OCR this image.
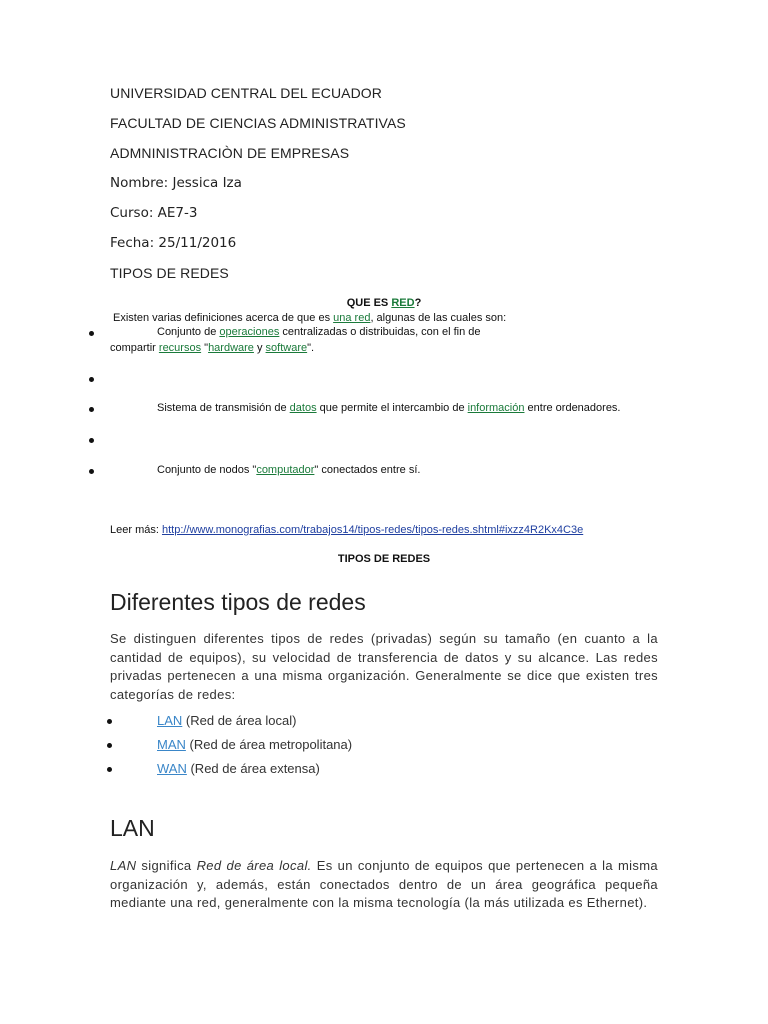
UNIVERSIDAD CENTRAL DEL ECUADOR
FACULTAD DE CIENCIAS ADMINISTRATIVAS
ADMNINISTRACIÒN DE EMPRESAS
Nombre: Jessica Iza
Curso: AE7-3
Fecha: 25/11/2016
TIPOS DE REDES
QUE ES RED?
Existen varias definiciones acerca de que es una red, algunas de las cuales son:
Conjunto de operaciones centralizadas o distribuidas, con el fin de
compartir recursos "hardware y software".
Sistema de transmisión de datos que permite el intercambio de información entre ordenadores.
Conjunto de nodos "computador" conectados entre sí.
Leer más: http://www.monografias.com/trabajos14/tipos-redes/tipos-redes.shtml#ixzz4R2Kx4C3e
TIPOS DE REDES
Diferentes tipos de redes
Se distinguen diferentes tipos de redes (privadas) según su tamaño (en cuanto a la cantidad de equipos), su velocidad de transferencia de datos y su alcance. Las redes privadas pertenecen a una misma organización. Generalmente se dice que existen tres categorías de redes:
LAN (Red de área local)
MAN (Red de área metropolitana)
WAN (Red de área extensa)
LAN
LAN significa Red de área local. Es un conjunto de equipos que pertenecen a la misma organización y, además, están conectados dentro de un área geográfica pequeña mediante una red, generalmente con la misma tecnología (la más utilizada es Ethernet).
